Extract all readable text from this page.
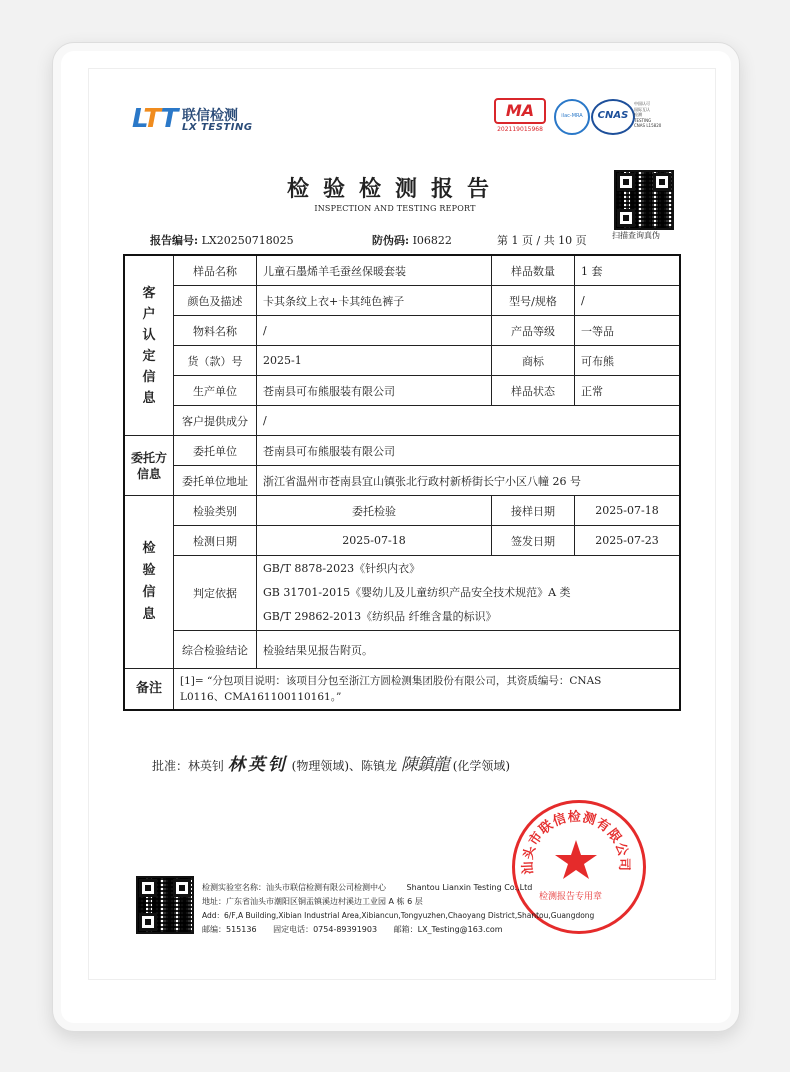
LTT 联信检测
LX TESTING
MA
202119015968
ilac-MRA	CNAS
中国认可
国际互认
检测
TESTING
CNAS L15820
检验检测报告
INSPECTION AND TESTING REPORT
扫描查询真伪
报告编号: LX20250718025	防伪码: I06822	第 1 页 / 共 10 页
客户认定信息	样品名称	儿童石墨烯羊毛蚕丝保暖套装	样品数量	1 套
	颜色及描述	卡其条纹上衣+卡其纯色裤子	型号/规格	/
	物料名称	/	产品等级	一等品
	货（款）号	2025-1	商标	可布熊
	生产单位	苍南县可布熊服装有限公司	样品状态	正常
	客户提供成分	/		

委托方
信息	委托单位	苍南县可布熊服装有限公司		
	委托单位地址	浙江省温州市苍南县宜山镇张北行政村新桥街长宁小区八幢 26 号		

检验信息	检验类别	委托检验	接样日期	2025-07-18
	检测日期	2025-07-18	签发日期	2025-07-23
	判定依据	GB/T 8878-2023《针织内衣》
GB 31701-2015《婴幼儿及儿童纺织产品安全技术规范》A 类
GB/T 29862-2013《纺织品 纤维含量的标识》		

	综合检验结论	检验结果见报告附页。		
备注	[1]= “分包项目说明：该项目分包至浙江方圆检测集团股份有限公司，其资质编号：CNAS
L0116、CMA161100110161。”			
批准：林英钊 林英钊 (物理领域)、陈镇龙 陳鎮龍 (化学领域)
汕头市联信检测有限公司
检测报告专用章
检测实验室名称：汕头市联信检测有限公司检测中心	Shantou Lianxin Testing Co.,Ltd
地址：广东省汕头市潮阳区铜盂镇溪边村溪边工业园 A 栋 6 层
Add：6/F,A Building,Xibian Industrial Area,Xibiancun,Tongyuzhen,Chaoyang District,Shantou,Guangdong
邮编：515136 固定电话：0754-89391903 邮箱：LX_Testing@163.com
